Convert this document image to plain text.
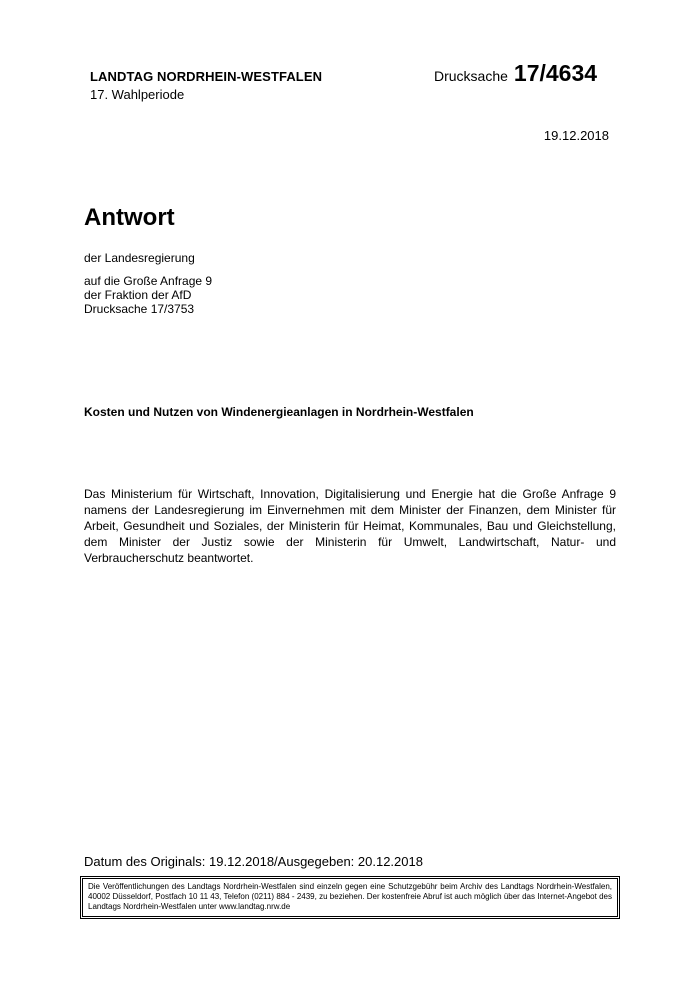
LANDTAG NORDRHEIN-WESTFALEN
17. Wahlperiode
Drucksache 17/4634
19.12.2018
Antwort
der Landesregierung
auf die Große Anfrage 9
der Fraktion der AfD
Drucksache 17/3753
Kosten und Nutzen von Windenergieanlagen in Nordrhein-Westfalen
Das Ministerium für Wirtschaft, Innovation, Digitalisierung und Energie hat die Große Anfrage 9 namens der Landesregierung im Einvernehmen mit dem Minister der Finanzen, dem Minister für Arbeit, Gesundheit und Soziales, der Ministerin für Heimat, Kommunales, Bau und Gleichstellung, dem Minister der Justiz sowie der Ministerin für Umwelt, Landwirtschaft, Natur- und Verbraucherschutz beantwortet.
Datum des Originals: 19.12.2018/Ausgegeben: 20.12.2018
Die Veröffentlichungen des Landtags Nordrhein-Westfalen sind einzeln gegen eine Schutzgebühr beim Archiv des Landtags Nordrhein-Westfalen, 40002 Düsseldorf, Postfach 10 11 43, Telefon (0211) 884 - 2439, zu beziehen. Der kostenfreie Abruf ist auch möglich über das Internet-Angebot des Landtags Nordrhein-Westfalen unter www.landtag.nrw.de
